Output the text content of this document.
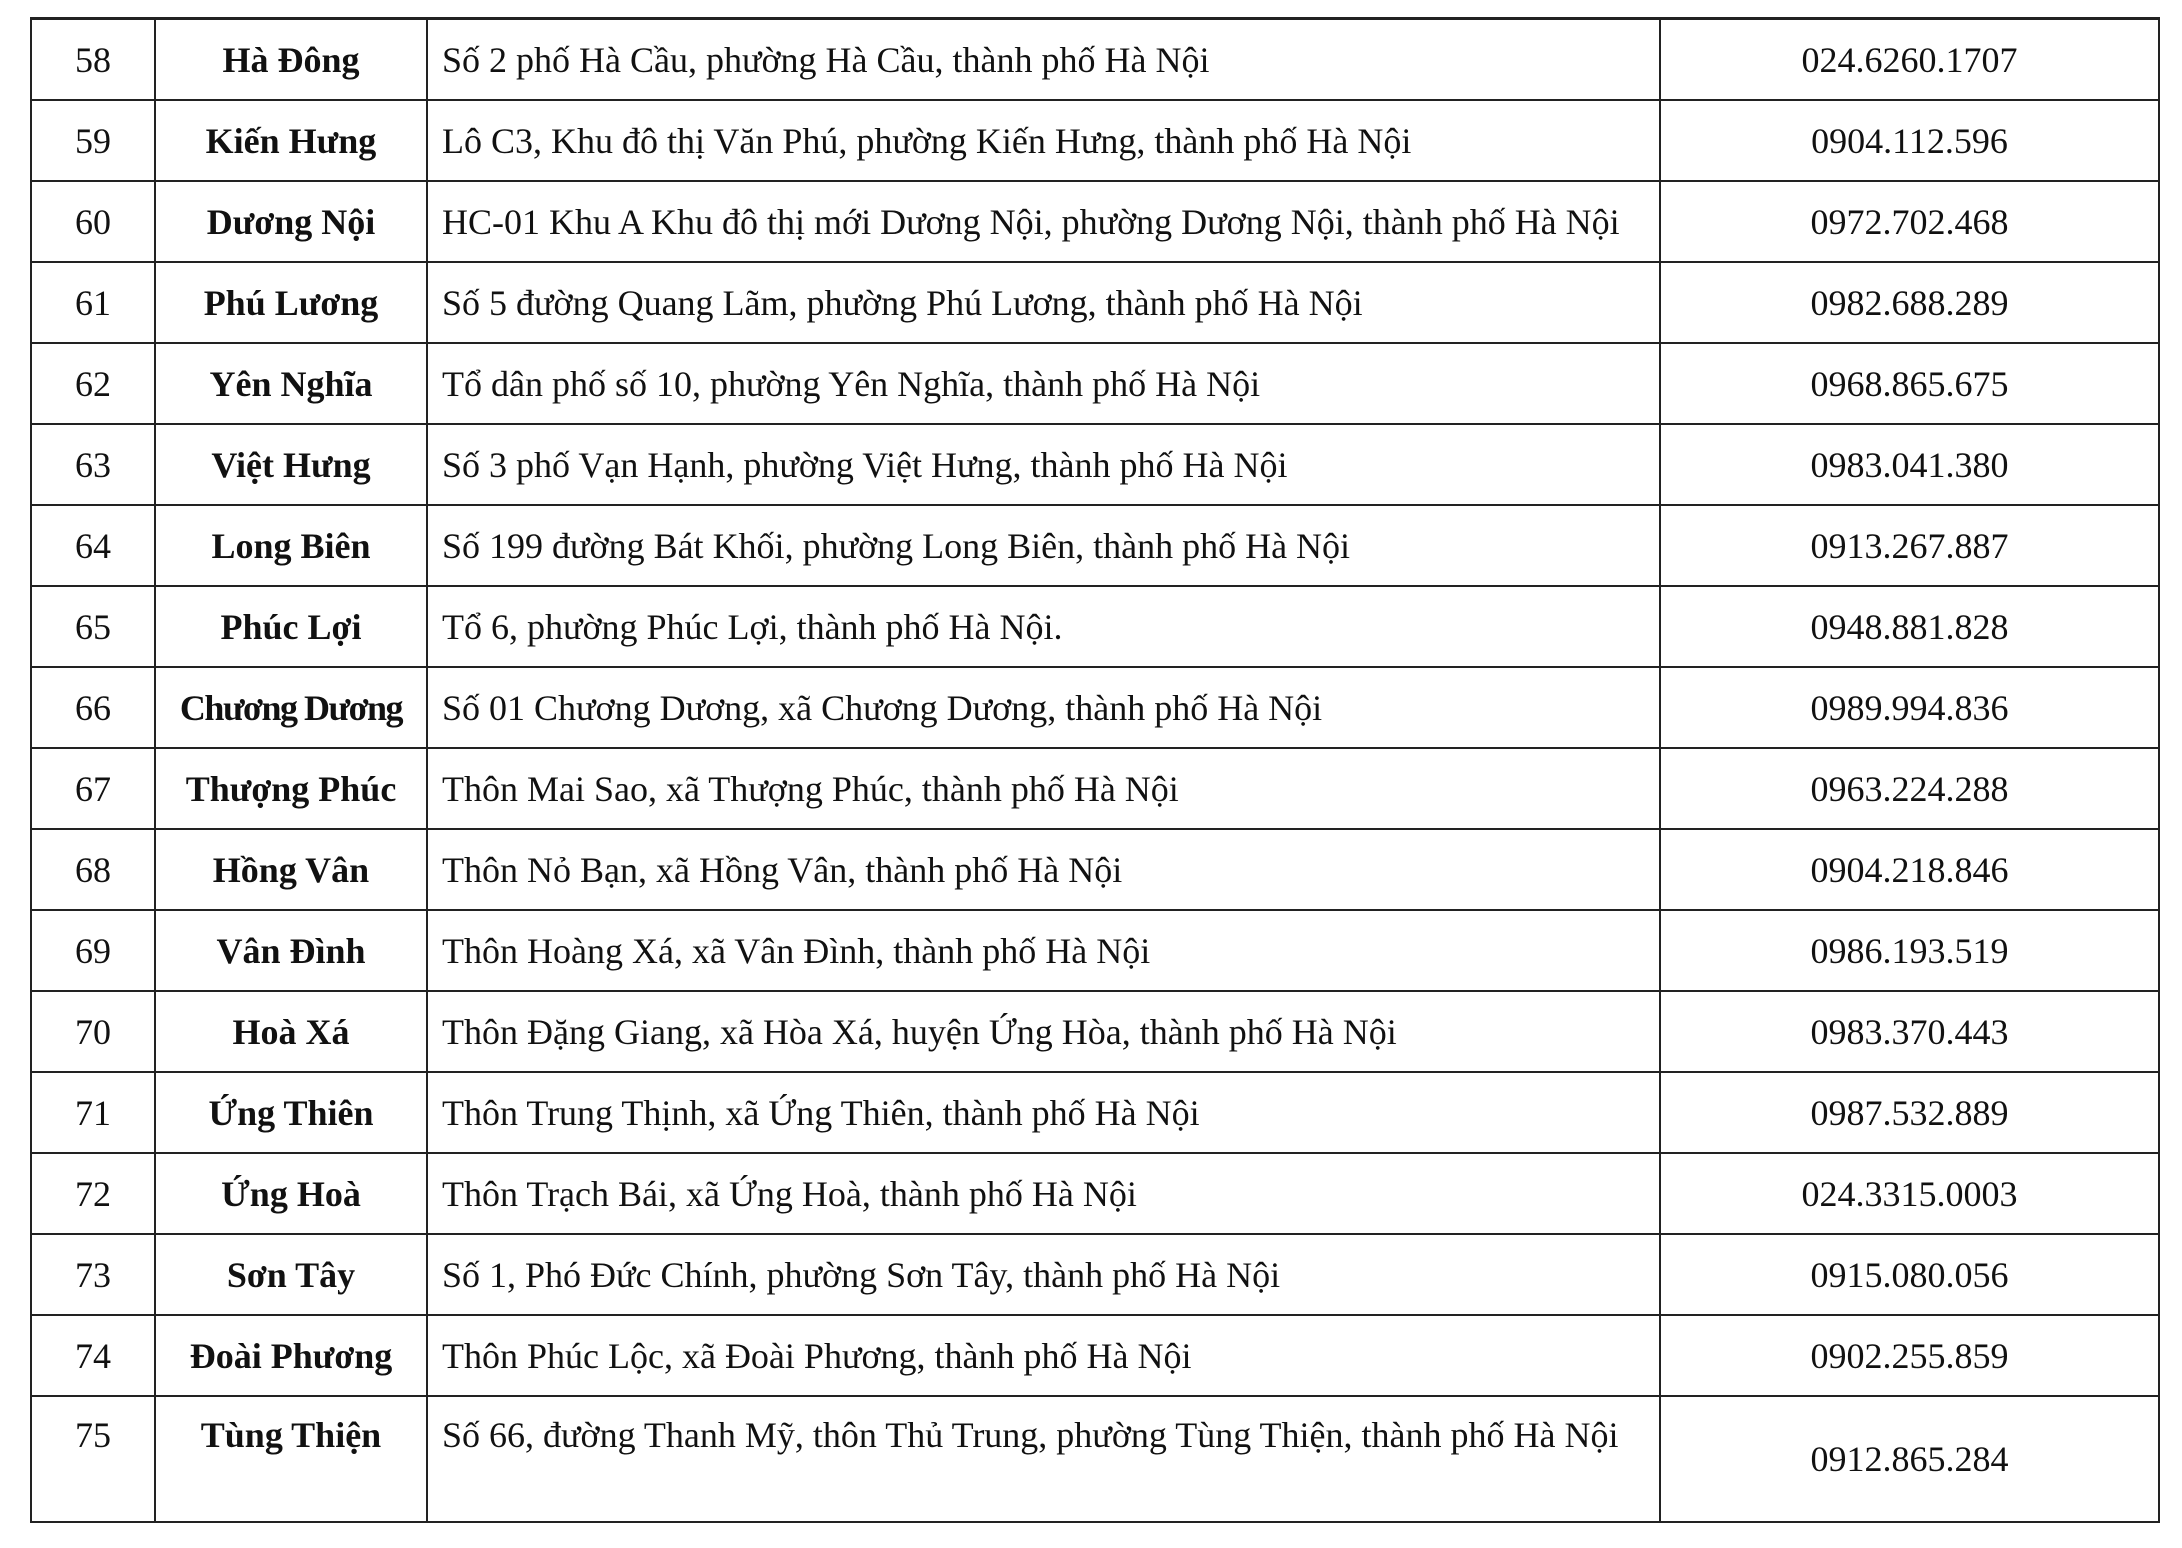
58	Hà Đông	Số 2 phố Hà Cầu, phường Hà Cầu, thành phố Hà Nội	024.6260.1707
59	Kiến Hưng	Lô C3, Khu đô thị Văn Phú, phường Kiến Hưng, thành phố Hà Nội	0904.112.596
60	Dương Nội	HC-01 Khu A Khu đô thị mới Dương Nội, phường Dương Nội, thành phố Hà Nội	0972.702.468
61	Phú Lương	Số 5 đường Quang Lãm, phường Phú Lương, thành phố Hà Nội	0982.688.289
62	Yên Nghĩa	Tổ dân phố số 10, phường Yên Nghĩa, thành phố Hà Nội	0968.865.675
63	Việt Hưng	Số 3 phố Vạn Hạnh, phường Việt Hưng, thành phố Hà Nội	0983.041.380
64	Long Biên	Số 199 đường Bát Khối, phường Long Biên, thành phố Hà Nội	0913.267.887
65	Phúc Lợi	Tổ 6, phường Phúc Lợi, thành phố Hà Nội.	0948.881.828
66	Chương Dương	Số 01 Chương Dương, xã Chương Dương, thành phố Hà Nội	0989.994.836
67	Thượng Phúc	Thôn Mai Sao, xã Thượng Phúc, thành phố Hà Nội	0963.224.288
68	Hồng Vân	Thôn Nỏ Bạn, xã Hồng Vân, thành phố Hà Nội	0904.218.846
69	Vân Đình	Thôn Hoàng Xá, xã Vân Đình, thành phố Hà Nội	0986.193.519
70	Hoà Xá	Thôn Đặng Giang, xã Hòa Xá, huyện Ứng Hòa, thành phố Hà Nội	0983.370.443
71	Ứng Thiên	Thôn Trung Thịnh, xã Ứng Thiên, thành phố Hà Nội	0987.532.889
72	Ứng Hoà	Thôn Trạch Bái, xã Ứng Hoà, thành phố Hà Nội	024.3315.0003
73	Sơn Tây	Số 1, Phó Đức Chính, phường Sơn Tây, thành phố Hà Nội	0915.080.056
74	Đoài Phương	Thôn Phúc Lộc, xã Đoài Phương, thành phố Hà Nội	0902.255.859
75	Tùng Thiện	Số 66, đường Thanh Mỹ, thôn Thủ Trung, phường Tùng Thiện, thành phố Hà Nội	0912.865.284
